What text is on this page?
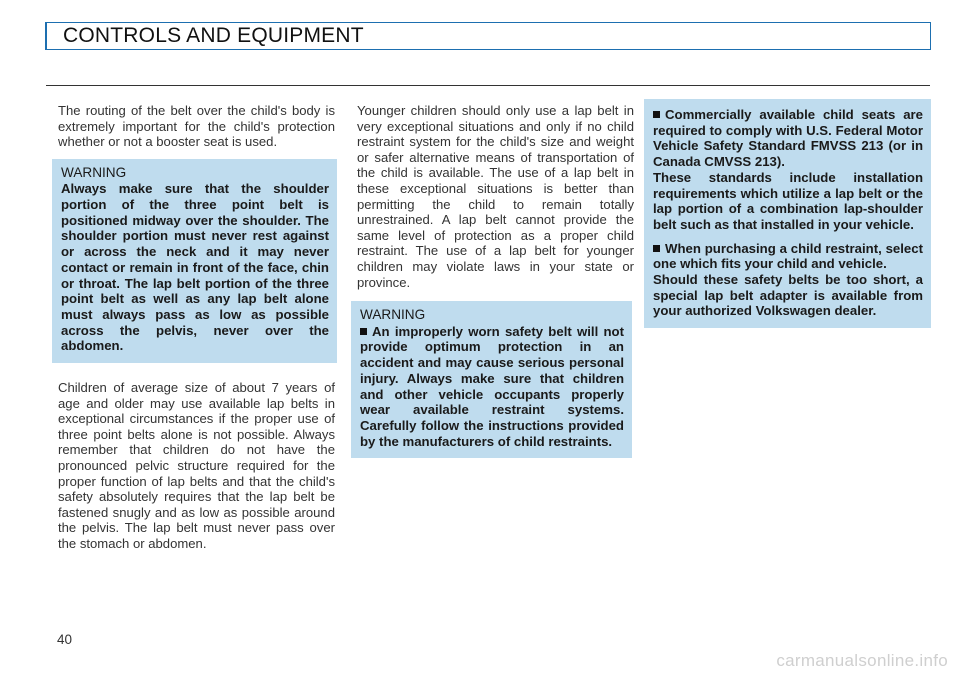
CONTROLS AND EQUIPMENT

The routing of the belt over the child's body is extremely important for the child's protection whether or not a booster seat is used.

WARNING
Always make sure that the shoulder portion of the three point belt is positioned midway over the shoulder. The shoulder portion must never rest against or across the neck and it may never contact or remain in front of the face, chin or throat. The lap belt portion of the three point belt as well as any lap belt alone must always pass as low as possible across the pelvis, never over the abdomen.

Children of average size of about 7 years of age and older may use available lap belts in exceptional circumstances if the proper use of three point belts alone is not possible. Always remember that children do not have the pronounced pelvic structure required for the proper function of lap belts and that the child's safety absolutely requires that the lap belt be fastened snugly and as low as possible around the pelvis. The lap belt must never pass over the stomach or abdomen.

Younger children should only use a lap belt in very exceptional situations and only if no child restraint system for the child's size and weight or safer alternative means of transportation of the child is available. The use of a lap belt in these exceptional situations is better than permitting the child to remain totally unrestrained. A lap belt cannot provide the same level of protection as a proper child restraint. The use of a lap belt for younger children may violate laws in your state or province.

WARNING
An improperly worn safety belt will not provide optimum protection in an accident and may cause serious personal injury. Always make sure that children and other vehicle occupants properly wear available restraint systems. Carefully follow the instructions provided by the manufacturers of child restraints.
Commercially available child seats are required to comply with U.S. Federal Motor Vehicle Safety Standard FMVSS 213 (or in Canada CMVSS 213).
These standards include installation requirements which utilize a lap belt or the lap portion of a combination lap-shoulder belt such as that installed in your vehicle.
When purchasing a child restraint, select one which fits your child and vehicle.
Should these safety belts be too short, a special lap belt adapter is available from your authorized Volkswagen dealer.
40
carmanualsonline.info
